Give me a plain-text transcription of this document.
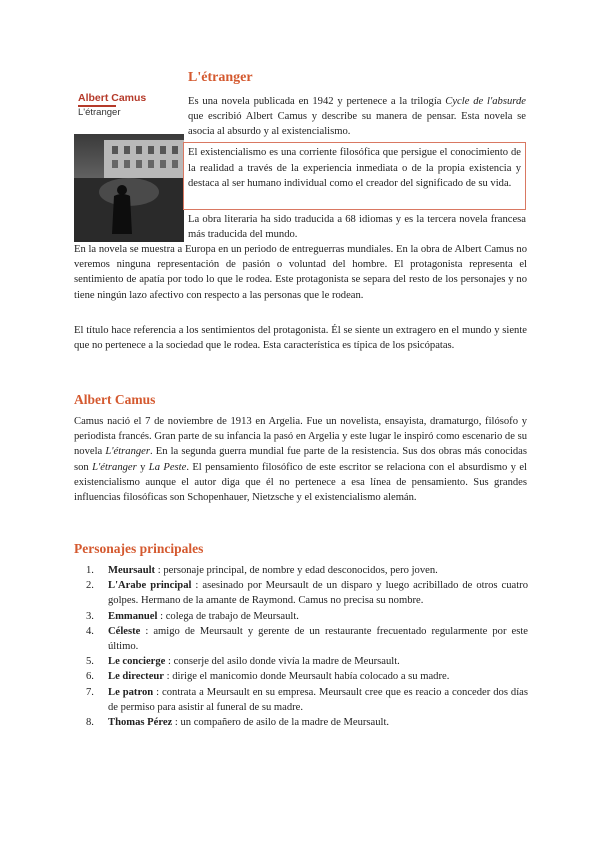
L'étranger
Albert Camus
L'étranger

Es una novela publicada en 1942 y pertenece a la trilogía Cycle de l'absurde que escribió Albert Camus y describe su manera de pensar. Esta novela se asocia al absurdo y al existencialismo.

El existencialismo es una corriente filosófica que persigue el conocimiento de la realidad a través de la experiencia inmediata o de la propia existencia y destaca al ser humano individual como el creador del significado de su vida.

La obra literaria ha sido traducida a 68 idiomas y es la tercera novela francesa más traducida del mundo.

En la novela se muestra a Europa en un periodo de entreguerras mundiales. En la obra de Albert Camus no veremos ninguna representación de pasión o voluntad del hombre. El protagonista representa el sentimiento de apatía por todo lo que le rodea. Este protagonista se separa del resto de los personajes y no tiene ningún lazo afectivo con respecto a las personas que le rodean.

El título hace referencia a los sentimientos del protagonista. Él se siente un extragero en el mundo y siente que no pertenece a la sociedad que le rodea. Esta característica es típica de los psicópatas.

Albert Camus

Camus nació el 7 de noviembre de 1913 en Argelia. Fue un novelista, ensayista, dramaturgo, filósofo y periodista francés. Gran parte de su infancia la pasó en Argelia y este lugar le inspiró como escenario de su novela L'étranger. En la segunda guerra mundial fue parte de la resistencia. Sus dos obras más conocidas son L'étranger y La Peste. El pensamiento filosófico de este escritor se relaciona con el absurdismo y el existencialismo aunque el autor diga que él no pertenece a esa línea de pensamiento. Sus grandes influencias filosóficas son Schopenhauer, Nietzsche y el existencialismo alemán.

Personajes principales
1. Meursault : personaje principal, de nombre y edad desconocidos, pero joven.
2. L'Arabe principal : asesinado por Meursault de un disparo y luego acribillado de otros cuatro golpes. Hermano de la amante de Raymond. Camus no precisa su nombre.
3. Emmanuel : colega de trabajo de Meursault.
4. Céleste : amigo de Meursault y gerente de un restaurante frecuentado regularmente por este último.
5. Le concierge : conserje del asilo donde vivía la madre de Meursault.
6. Le directeur : dirige el manicomio donde Meursault había colocado a su madre.
7. Le patron : contrata a Meursault en su empresa. Meursault cree que es reacio a conceder dos días de permiso para asistir al funeral de su madre.
8. Thomas Pérez : un compañero de asilo de la madre de Meursault.
